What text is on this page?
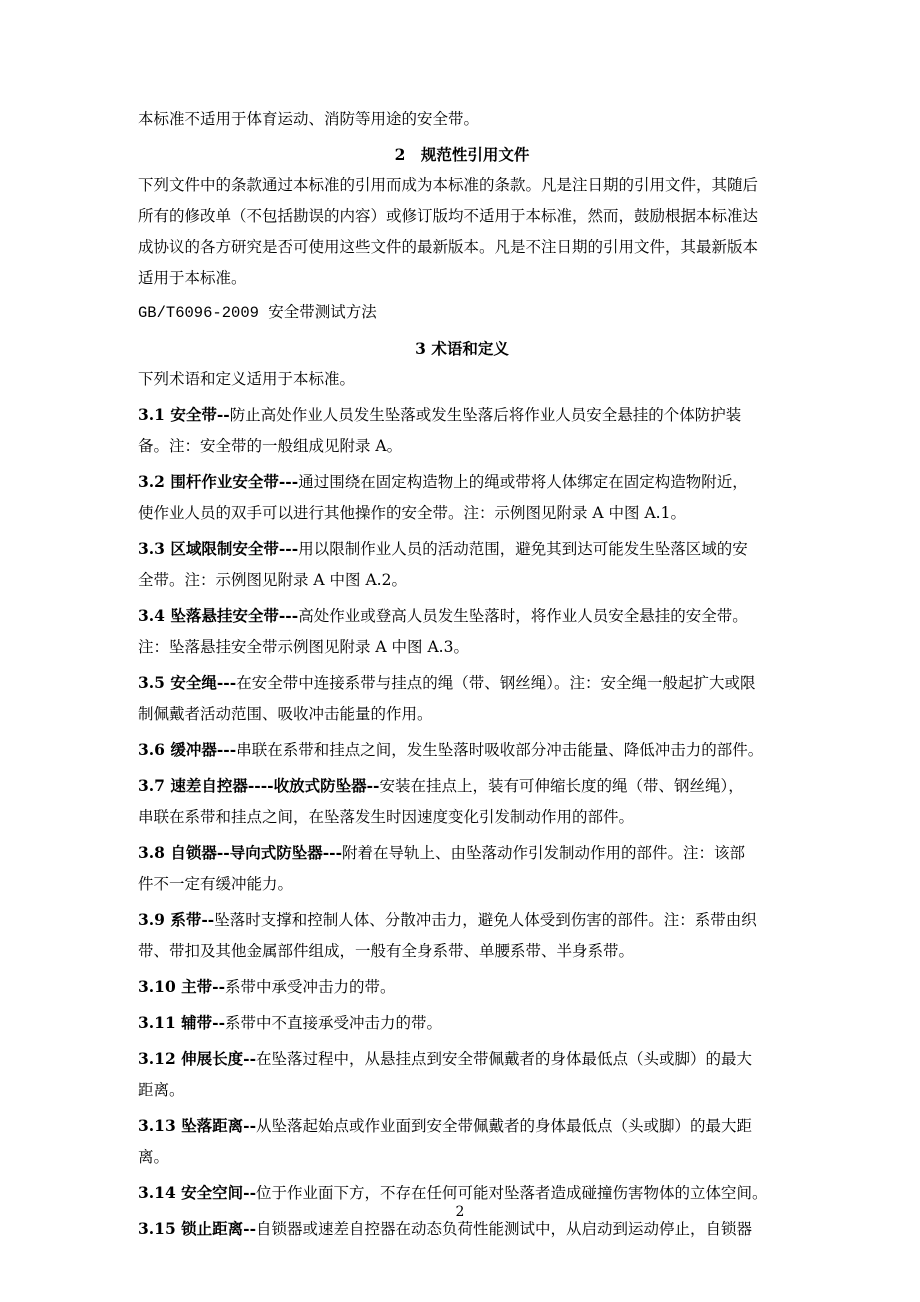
本标准不适用于体育运动、消防等用途的安全带。

2　规范性引用文件

下列文件中的条款通过本标准的引用而成为本标准的条款。凡是注日期的引用文件，其随后

所有的修改单（不包括勘误的内容）或修订版均不适用于本标准，然而，鼓励根据本标准达

成协议的各方研究是否可使用这些文件的最新版本。凡是不注日期的引用文件，其最新版本

适用于本标准。

GB/T6096-2009 安全带测试方法

3 术语和定义

下列术语和定义适用于本标准。

3.1 安全带--防止高处作业人员发生坠落或发生坠落后将作业人员安全悬挂的个体防护装

备。注：安全带的一般组成见附录 A。

3.2 围杆作业安全带---通过围绕在固定构造物上的绳或带将人体绑定在固定构造物附近，

使作业人员的双手可以进行其他操作的安全带。注：示例图见附录 A 中图 A.1。

3.3 区域限制安全带---用以限制作业人员的活动范围，避免其到达可能发生坠落区域的安

全带。注：示例图见附录 A 中图 A.2。

3.4 坠落悬挂安全带---高处作业或登高人员发生坠落时，将作业人员安全悬挂的安全带。

注：坠落悬挂安全带示例图见附录 A 中图 A.3。

3.5 安全绳---在安全带中连接系带与挂点的绳（带、钢丝绳）。注：安全绳一般起扩大或限

制佩戴者活动范围、吸收冲击能量的作用。

3.6 缓冲器---串联在系带和挂点之间，发生坠落时吸收部分冲击能量、降低冲击力的部件。

3.7 速差自控器----收放式防坠器--安装在挂点上，装有可伸缩长度的绳（带、钢丝绳），

串联在系带和挂点之间，在坠落发生时因速度变化引发制动作用的部件。

3.8 自锁器--导向式防坠器---附着在导轨上、由坠落动作引发制动作用的部件。注：该部

件不一定有缓冲能力。

3.9 系带--坠落时支撑和控制人体、分散冲击力，避免人体受到伤害的部件。注：系带由织

带、带扣及其他金属部件组成，一般有全身系带、单腰系带、半身系带。

3.10 主带--系带中承受冲击力的带。

3.11 辅带--系带中不直接承受冲击力的带。

3.12 伸展长度--在坠落过程中，从悬挂点到安全带佩戴者的身体最低点（头或脚）的最大

距离。

3.13 坠落距离--从坠落起始点或作业面到安全带佩戴者的身体最低点（头或脚）的最大距

离。

3.14 安全空间--位于作业面下方，不存在任何可能对坠落者造成碰撞伤害物体的立体空间。

3.15 锁止距离--自锁器或速差自控器在动态负荷性能测试中，从启动到运动停止，自锁器

2
